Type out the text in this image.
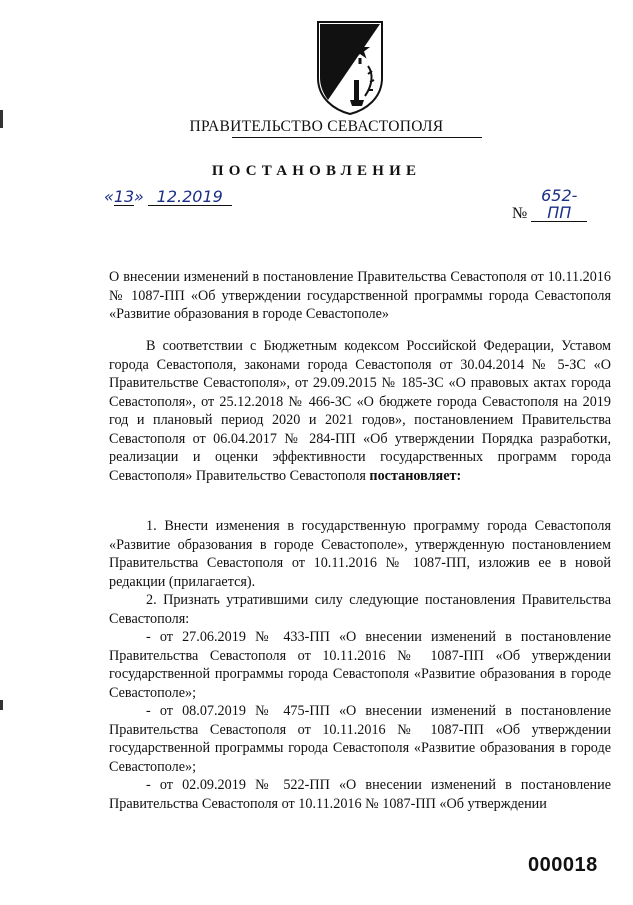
ПРАВИТЕЛЬСТВО СЕВАСТОПОЛЯ
ПОСТАНОВЛЕНИЕ
«13» 12.2019
№ 652-ПП
О внесении изменений в постановление Правительства Севастополя от 10.11.2016 № 1087-ПП «Об утверждении государственной программы города Севастополя «Развитие образования в городе Севастополе»
В соответствии с Бюджетным кодексом Российской Федерации, Уставом города Севастополя, законами города Севастополя от 30.04.2014 № 5-ЗС «О Правительстве Севастополя», от 29.09.2015 № 185-ЗС «О правовых актах города Севастополя», от 25.12.2018 № 466-ЗС «О бюджете города Севастополя на 2019 год и плановый период 2020 и 2021 годов», постановлением Правительства Севастополя от 06.04.2017 № 284-ПП «Об утверждении Порядка разработки, реализации и оценки эффективности государственных программ города Севастополя» Правительство Севастополя постановляет:

1. Внести изменения в государственную программу города Севастополя «Развитие образования в городе Севастополе», утвержденную постановлением Правительства Севастополя от 10.11.2016 № 1087-ПП, изложив ее в новой редакции (прилагается).

2. Признать утратившими силу следующие постановления Правительства Севастополя:

- от 27.06.2019 № 433-ПП «О внесении изменений в постановление Правительства Севастополя от 10.11.2016 № 1087-ПП «Об утверждении государственной программы города Севастополя «Развитие образования в городе Севастополе»;

- от 08.07.2019 № 475-ПП «О внесении изменений в постановление Правительства Севастополя от 10.11.2016 № 1087-ПП «Об утверждении государственной программы города Севастополя «Развитие образования в городе Севастополе»;

- от 02.09.2019 № 522-ПП «О внесении изменений в постановление Правительства Севастополя от 10.11.2016 № 1087-ПП «Об утверждении

000018
